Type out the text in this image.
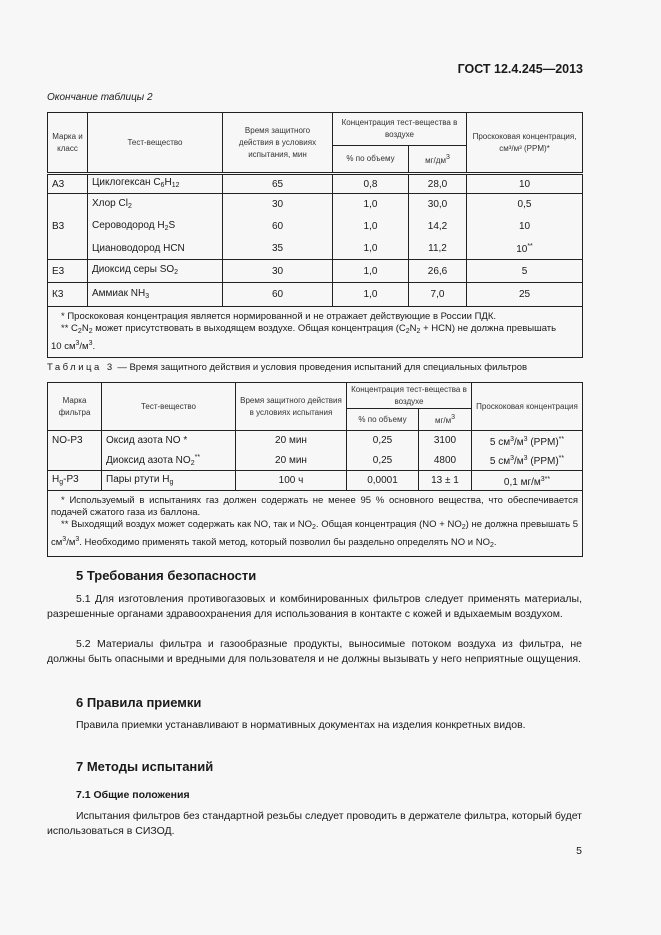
ГОСТ 12.4.245—2013
Окончание таблицы 2
Марка и класс	Тест-вещество	Время защитного действия в условиях испытания, мин	Концентрация тест-вещества в воздухе		Проскоковая концентрация, см³/м³ (PPM)*
			% по объему	$мг/дм^3$
А3	Циклогексан $C_6H_{12}$	65	0,8	28,0	10
В3	Хлор $Cl_2$	30	1,0	30,0	0,5
	Сероводород $H_2S$	60	1,0	14,2	10
	Циановодород HCN	35	1,0	11,2	10**
Е3	Диоксид серы $SO_2$	30	1,0	26,6	5
К3	Аммиак $NH_3$	60	1,0	7,0	25

* Проскоковая концентрация является нормированной и не отражает действующие в России ПДК.

** $C_2N_2$ может присутствовать в выходящем воздухе. Общая концентрация $(C_2N_2 + HCN)$ не должна превышать

10 $см^3/м^3$.					

Таблица 3 — Время защитного действия и условия проведения испытаний для специальных фильтров
Марка фильтра	Тест-вещество	Время защитного действия в условиях испытания	Концентрация тест-вещества в воздухе		Проскоковая концентрация
			% по объему	$мг/м^3$
NO-P3	Оксид азота NO *	20 мин	0,25	3100	5 $см^3/м^3$ (PPM)**
	Диоксид азота $NO_2^{**}$	20 мин	0,25	4800	5 $см^3/м^3$ (PPM)**
$H_g-P3$	Пары ртути $H_g$	100 ч	0,0001	13 ± 1	0,1 $мг/м^{3**}$

* Используемый в испытаниях газ должен содержать не менее 95 % основного вещества, что обеспечивается подачей сжатого газа из баллона.

** Выходящий воздух может содержать как NO, так и $NO_2$. Общая концентрация $(NO + NO_2)$ не должна превышать 5 $см^3/м^3$. Необходимо применять такой метод, который позволил бы раздельно определять NO и $NO_2$.					

5 Требования безопасности

5.1 Для изготовления противогазовых и комбинированных фильтров следует применять материалы, разрешенные органами здравоохранения для использования в контакте с кожей и вдыхаемым воздухом.

5.2 Материалы фильтра и газообразные продукты, выносимые потоком воздуха из фильтра, не должны быть опасными и вредными для пользователя и не должны вызывать у него неприятные ощущения.

6 Правила приемки

Правила приемки устанавливают в нормативных документах на изделия конкретных видов.

7 Методы испытаний
7.1 Общие положения

Испытания фильтров без стандартной резьбы следует проводить в держателе фильтра, который будет использоваться в СИЗОД.

5
